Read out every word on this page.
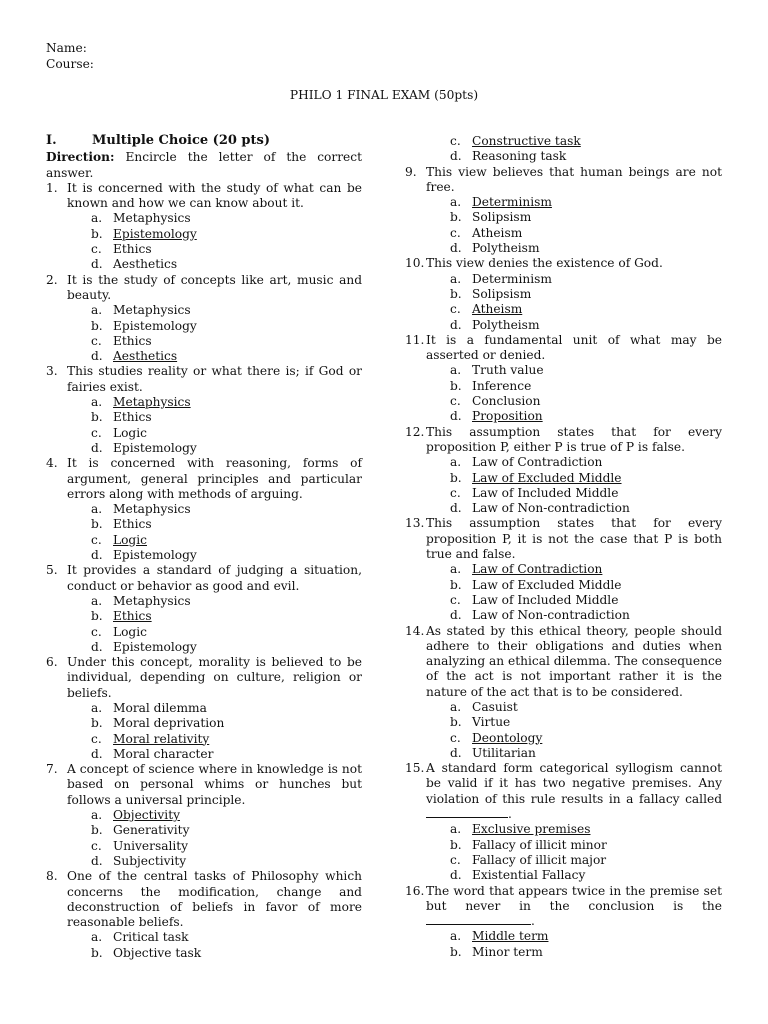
Name:
Course:
PHILO 1 FINAL EXAM (50pts)
I.	Multiple Choice (20 pts)
Direction: Encircle the letter of the correct answer.
1. It is concerned with the study of what can be known and how we can know about it.
a. Metaphysics
b. Epistemology
c. Ethics
d. Aesthetics
2. It is the study of concepts like art, music and beauty.
a. Metaphysics
b. Epistemology
c. Ethics
d. Aesthetics
3. This studies reality or what there is; if God or fairies exist.
a. Metaphysics
b. Ethics
c. Logic
d. Epistemology
4. It is concerned with reasoning, forms of argument, general principles and particular errors along with methods of arguing.
a. Metaphysics
b. Ethics
c. Logic
d. Epistemology
5. It provides a standard of judging a situation, conduct or behavior as good and evil.
a. Metaphysics
b. Ethics
c. Logic
d. Epistemology
6. Under this concept, morality is believed to be individual, depending on culture, religion or beliefs.
a. Moral dilemma
b. Moral deprivation
c. Moral relativity
d. Moral character
7. A concept of science where in knowledge is not based on personal whims or hunches but follows a universal principle.
a. Objectivity
b. Generativity
c. Universality
d. Subjectivity
8. One of the central tasks of Philosophy which concerns the modification, change and deconstruction of beliefs in favor of more reasonable beliefs.
a. Critical task
b. Objective task
c. Constructive task
d. Reasoning task
9. This view believes that human beings are not free.
a. Determinism
b. Solipsism
c. Atheism
d. Polytheism
10. This view denies the existence of God.
a. Determinism
b. Solipsism
c. Atheism
d. Polytheism
11. It is a fundamental unit of what may be asserted or denied.
a. Truth value
b. Inference
c. Conclusion
d. Proposition
12. This assumption states that for every proposition P, either P is true of P is false.
a. Law of Contradiction
b. Law of Excluded Middle
c. Law of Included Middle
d. Law of Non-contradiction
13. This assumption states that for every proposition P, it is not the case that P is both true and false.
a. Law of Contradiction
b. Law of Excluded Middle
c. Law of Included Middle
d. Law of Non-contradiction
14. As stated by this ethical theory, people should adhere to their obligations and duties when analyzing an ethical dilemma. The consequence of the act is not important rather it is the nature of the act that is to be considered.
a. Casuist
b. Virtue
c. Deontology
d. Utilitarian
15. A standard form categorical syllogism cannot be valid if it has two negative premises. Any violation of this rule results in a fallacy called .
a. Exclusive premises
b. Fallacy of illicit minor
c. Fallacy of illicit major
d. Existential Fallacy
16. The word that appears twice in the premise set but never in the conclusion is the .
a. Middle term
b. Minor term
